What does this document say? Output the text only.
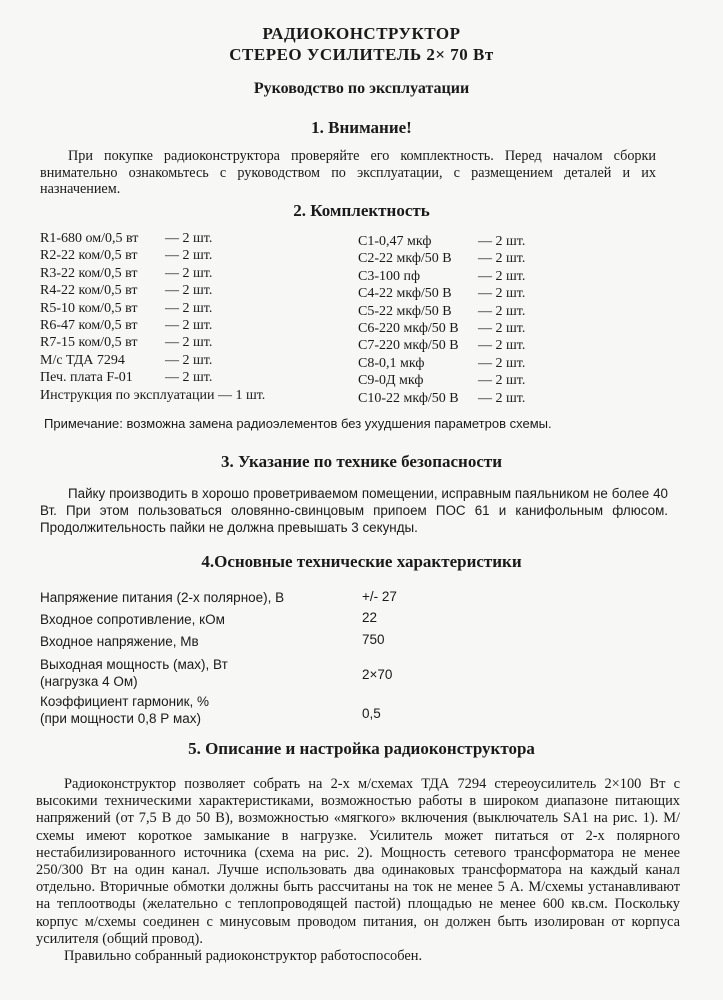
РАДИОКОНСТРУКТОР
СТЕРЕО УСИЛИТЕЛЬ 2× 70 Вт
Руководство по эксплуатации
1. Внимание!

При покупке радиоконструктора проверяйте его комплектность. Перед началом сборки внимательно ознакомьтесь с руководством по эксплуатации, с размещением деталей и их назначением.

2. Комплектность
R1-680 ом/0,5 вт — 2 шт.
R2-22 ком/0,5 вт — 2 шт.
R3-22 ком/0,5 вт — 2 шт.
R4-22 ком/0,5 вт — 2 шт.
R5-10 ком/0,5 вт — 2 шт.
R6-47 ком/0,5 вт — 2 шт.
R7-15 ком/0,5 вт — 2 шт.
М/с ТДА 7294	— 2 шт.
Печ. плата F-01 — 2 шт.
Инструкция по эксплуатации — 1 шт.
C1-0,47 мкф	— 2 шт.
C2-22 мкф/50 В — 2 шт.
C3-100 пф	— 2 шт.
C4-22 мкф/50 В — 2 шт.
C5-22 мкф/50 В — 2 шт.
C6-220 мкф/50 В — 2 шт.
C7-220 мкф/50 В — 2 шт.
C8-0,1 мкф	— 2 шт.
C9-0Д мкф	— 2 шт.
C10-22 мкф/50 В — 2 шт.
Примечание: возможна замена радиоэлементов без ухудшения параметров схемы.
3. Указание по технике безопасности

Пайку производить в хорошо проветриваемом помещении, исправным паяльником не более 40 Вт. При этом пользоваться оловянно-свинцовым припоем ПОС 61 и канифольным флюсом. Продолжительность пайки не должна превышать 3 секунды.

4.Основные технические характеристики
Напряжение питания (2-х полярное), В	+/- 27
Входное сопротивление, кОм	22
Входное напряжение, Мв	750
Выходная мощность (мах), Вт
(нагрузка 4 Ом)	2×70
Коэффициент гармоник, %
(при мощности 0,8 Р мах)	0,5
5. Описание и настройка радиоконструктора

Радиоконструктор позволяет собрать на 2-х м/схемах ТДА 7294 стереоусилитель 2×100 Вт с высокими техническими характеристиками, возможностью работы в широком диапазоне питающих напряжений (от 7,5 В до 50 В), возможностью «мягкого» включения (выключатель SA1 на рис. 1). М/схемы имеют короткое замыкание в нагрузке. Усилитель может питаться от 2-х полярного нестабилизированного источника (схема на рис. 2). Мощность сетевого трансформатора не менее 250/300 Вт на один канал. Лучше использовать два одинаковых трансформатора на каждый канал отдельно. Вторичные обмотки должны быть рассчитаны на ток не менее 5 А. М/схемы устанавливают на теплоотводы (желательно с теплопроводящей пастой) площадью не менее 600 кв.см. Поскольку корпус м/схемы соединен с минусовым проводом питания, он должен быть изолирован от корпуса усилителя (общий провод).

Правильно собранный радиоконструктор работоспособен.
